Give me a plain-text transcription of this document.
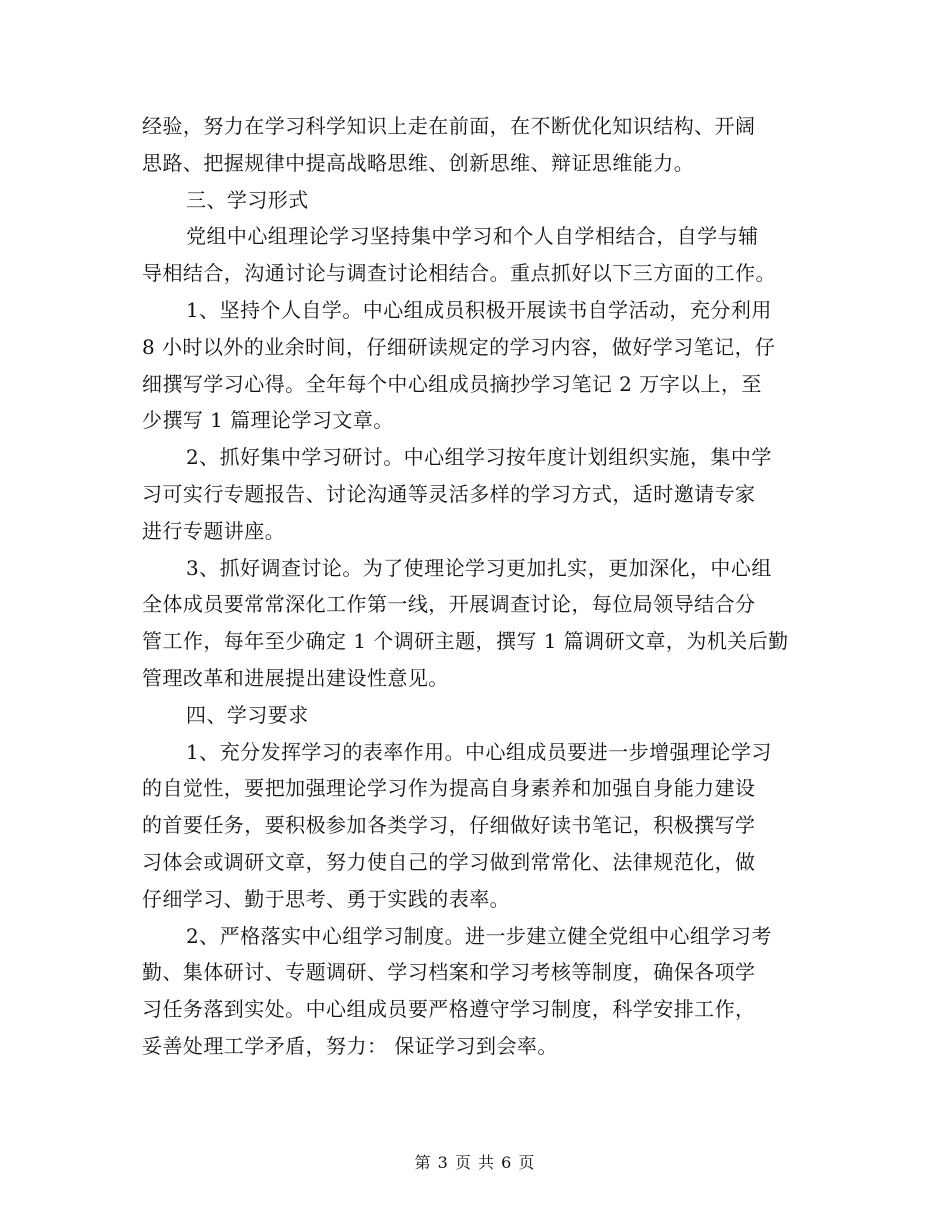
经验，努力在学习科学知识上走在前面，在不断优化知识结构、开阔
思路、把握规律中提高战略思维、创新思维、辩证思维能力。
三、学习形式
党组中心组理论学习坚持集中学习和个人自学相结合，自学与辅
导相结合，沟通讨论与调查讨论相结合。重点抓好以下三方面的工作。
1、坚持个人自学。中心组成员积极开展读书自学活动，充分利用
8 小时以外的业余时间，仔细研读规定的学习内容，做好学习笔记，仔
细撰写学习心得。全年每个中心组成员摘抄学习笔记 2 万字以上，至
少撰写 1 篇理论学习文章。
2、抓好集中学习研讨。中心组学习按年度计划组织实施，集中学
习可实行专题报告、讨论沟通等灵活多样的学习方式，适时邀请专家
进行专题讲座。
3、抓好调查讨论。为了使理论学习更加扎实，更加深化，中心组
全体成员要常常深化工作第一线，开展调查讨论，每位局领导结合分
管工作，每年至少确定 1 个调研主题，撰写 1 篇调研文章，为机关后勤
管理改革和进展提出建设性意见。
四、学习要求
1、充分发挥学习的表率作用。中心组成员要进一步增强理论学习
的自觉性，要把加强理论学习作为提高自身素养和加强自身能力建设
的首要任务，要积极参加各类学习，仔细做好读书笔记，积极撰写学
习体会或调研文章，努力使自己的学习做到常常化、法律规范化，做
仔细学习、勤于思考、勇于实践的表率。
2、严格落实中心组学习制度。进一步建立健全党组中心组学习考
勤、集体研讨、专题调研、学习档案和学习考核等制度，确保各项学
习任务落到实处。中心组成员要严格遵守学习制度，科学安排工作，
妥善处理工学矛盾，努力： 保证学习到会率。
第 3 页 共 6 页
